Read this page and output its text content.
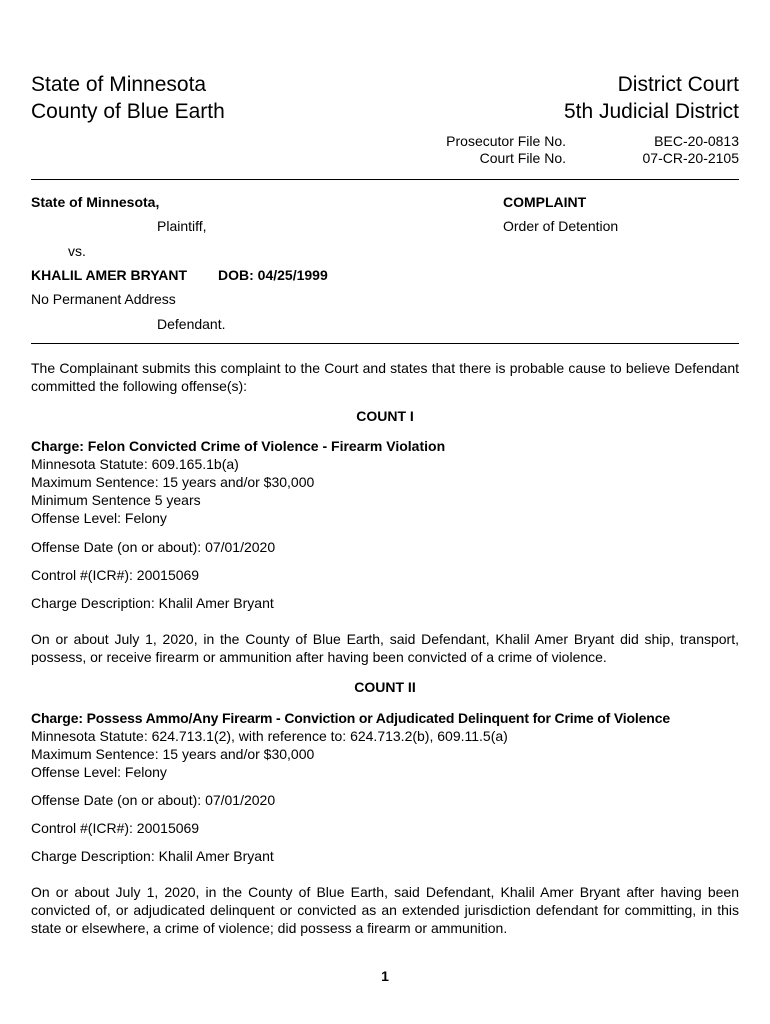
State of Minnesota
County of Blue Earth
District Court
5th Judicial District
Prosecutor File No.	BEC-20-0813
Court File No.	07-CR-20-2105
State of Minnesota,
Plaintiff,
vs.
KHALIL AMER BRYANT DOB: 04/25/1999
No Permanent Address
Defendant.
COMPLAINT
Order of Detention
The Complainant submits this complaint to the Court and states that there is probable cause to believe Defendant committed the following offense(s):
COUNT I
Charge: Felon Convicted Crime of Violence - Firearm Violation
Minnesota Statute: 609.165.1b(a)
Maximum Sentence: 15 years and/or $30,000
Minimum Sentence 5 years
Offense Level: Felony
Offense Date (on or about): 07/01/2020
Control #(ICR#): 20015069
Charge Description: Khalil Amer Bryant
On or about July 1, 2020, in the County of Blue Earth, said Defendant, Khalil Amer Bryant did ship, transport, possess, or receive firearm or ammunition after having been convicted of a crime of violence.
COUNT II
Charge: Possess Ammo/Any Firearm - Conviction or Adjudicated Delinquent for Crime of Violence
Minnesota Statute: 624.713.1(2), with reference to: 624.713.2(b), 609.11.5(a)
Maximum Sentence: 15 years and/or $30,000
Offense Level: Felony
Offense Date (on or about): 07/01/2020
Control #(ICR#): 20015069
Charge Description: Khalil Amer Bryant
On or about July 1, 2020, in the County of Blue Earth, said Defendant, Khalil Amer Bryant after having been convicted of, or adjudicated delinquent or convicted as an extended jurisdiction defendant for committing, in this state or elsewhere, a crime of violence; did possess a firearm or ammunition.
1
